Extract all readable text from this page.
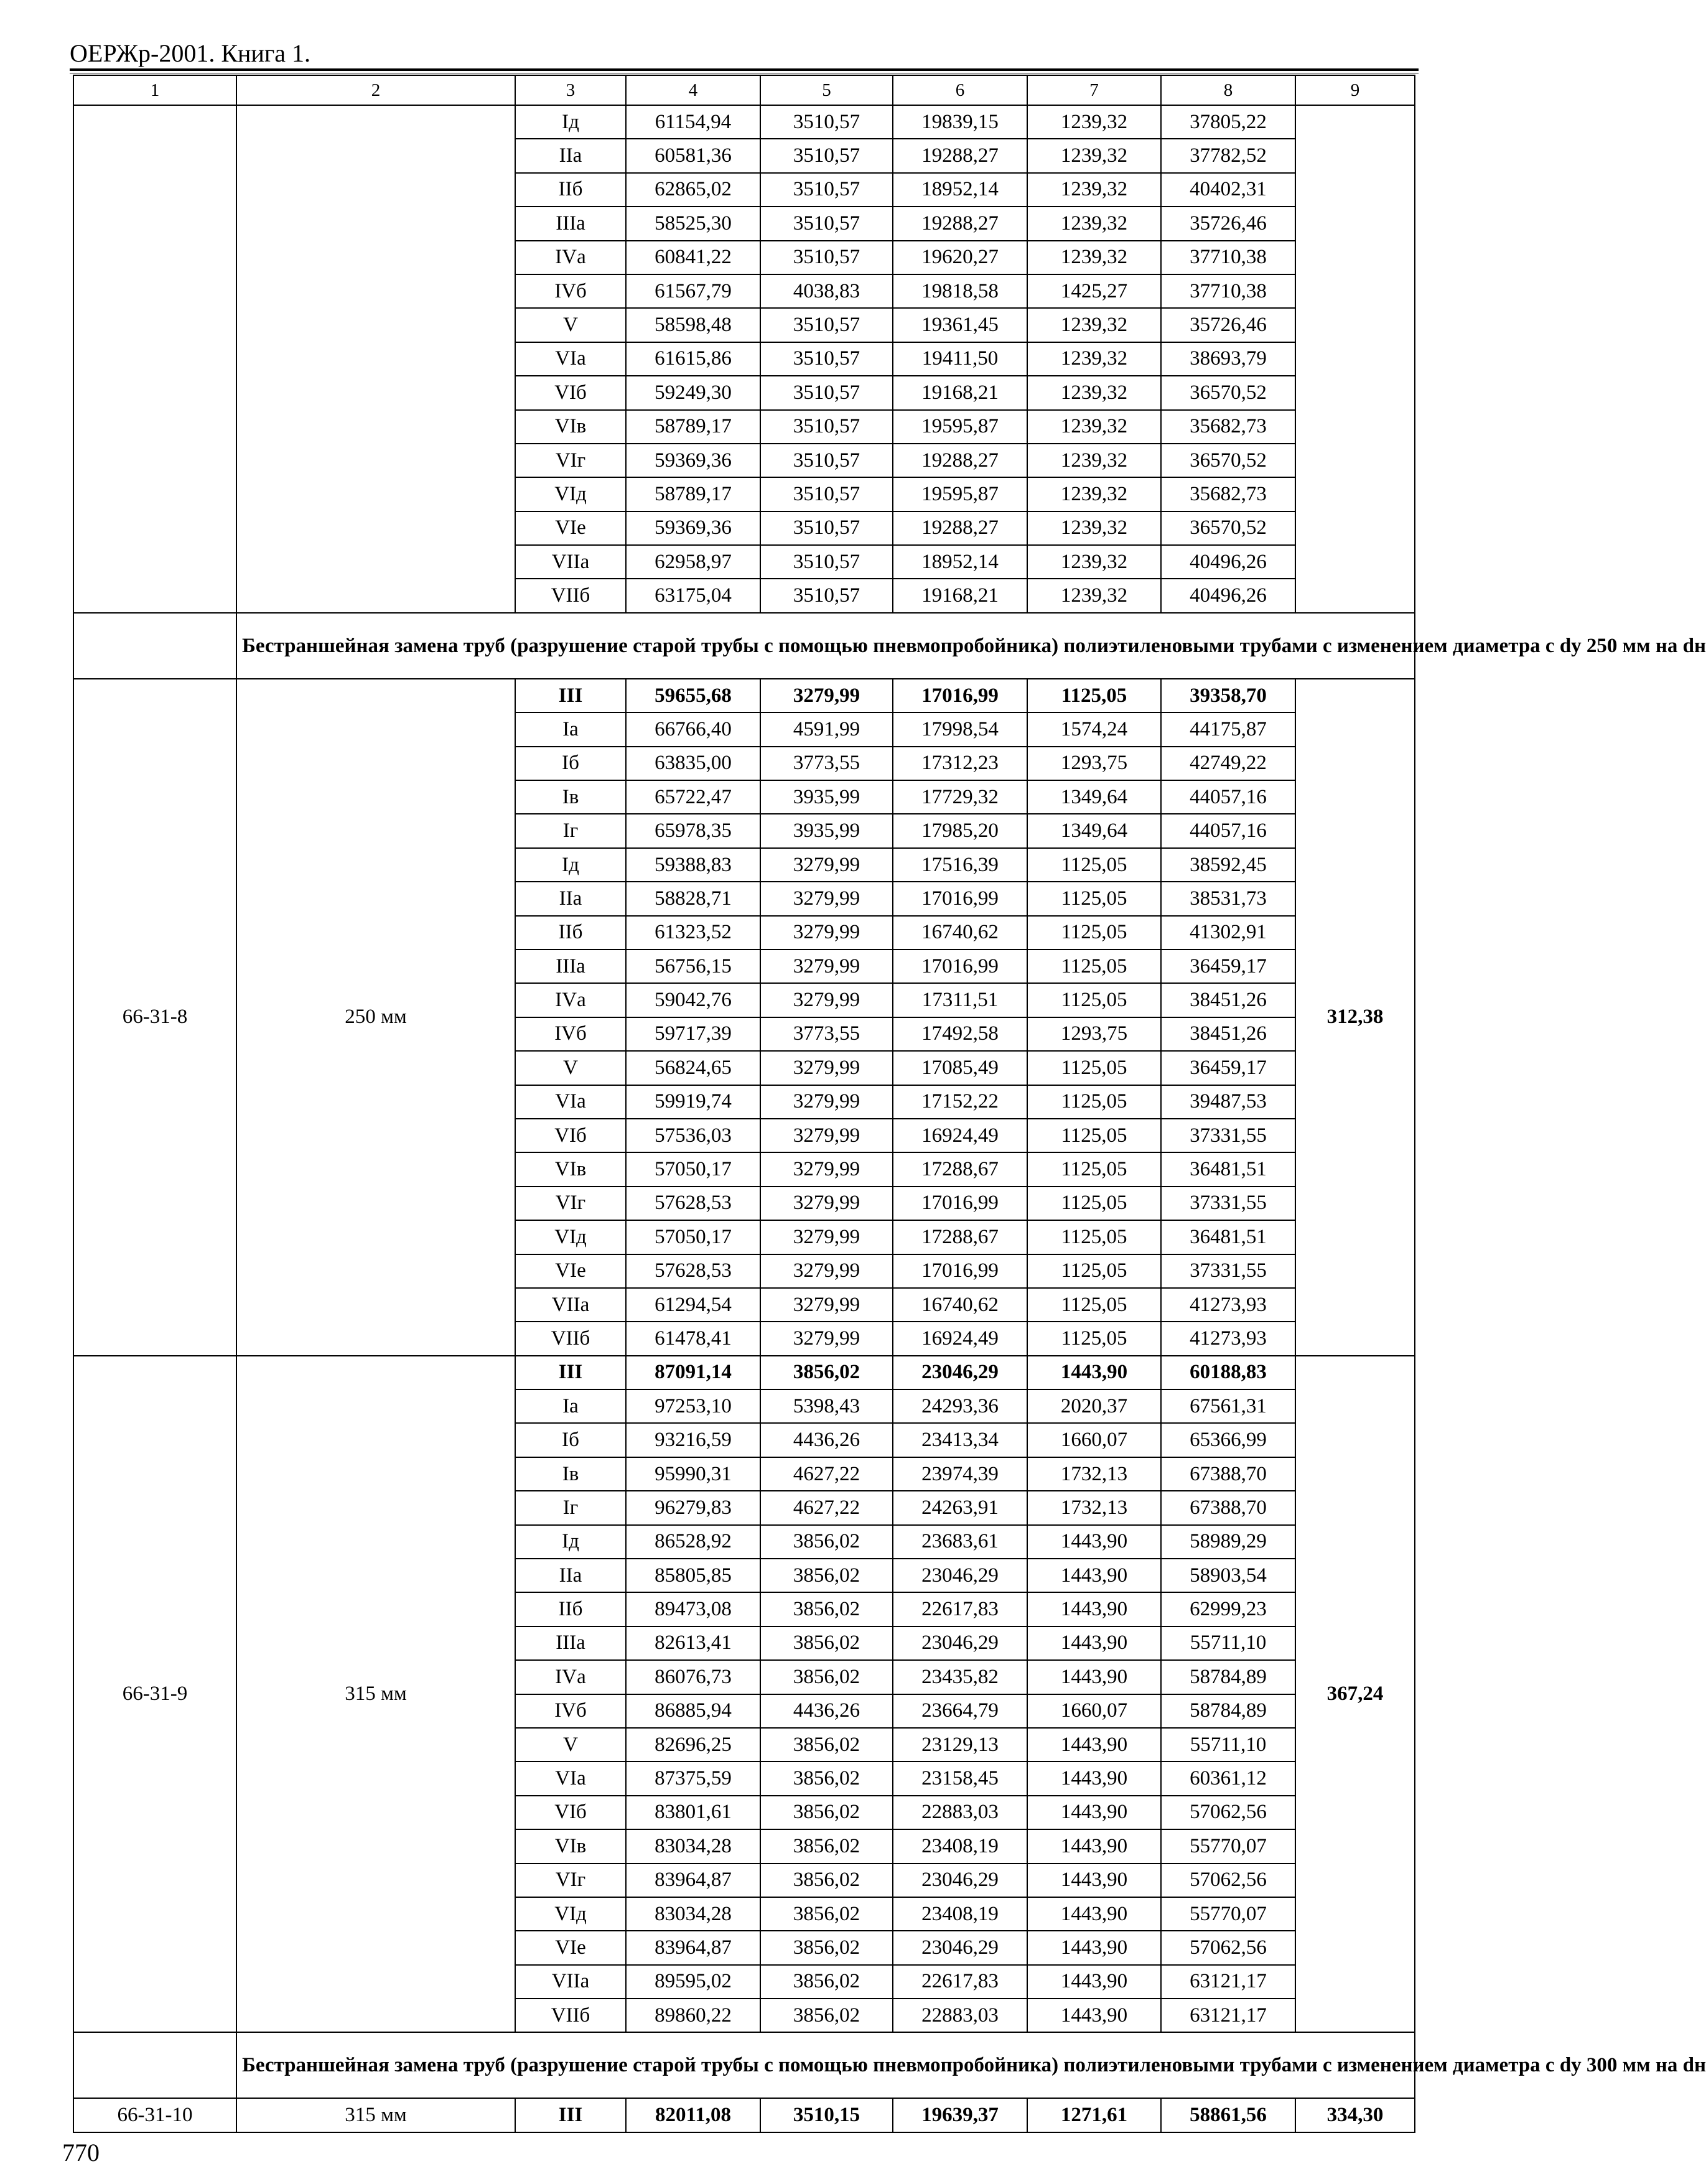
ОЕРЖр-2001. Книга 1.
1	2	3	4	5	6	7	8	9
		Iд	61154,94	3510,57	19839,15	1239,32	37805,22	
		IIа	60581,36	3510,57	19288,27	1239,32	37782,52	
		IIб	62865,02	3510,57	18952,14	1239,32	40402,31	
		IIIа	58525,30	3510,57	19288,27	1239,32	35726,46	
		IVа	60841,22	3510,57	19620,27	1239,32	37710,38	
		IVб	61567,79	4038,83	19818,58	1425,27	37710,38	
		V	58598,48	3510,57	19361,45	1239,32	35726,46	
		VIа	61615,86	3510,57	19411,50	1239,32	38693,79	
		VIб	59249,30	3510,57	19168,21	1239,32	36570,52	
		VIв	58789,17	3510,57	19595,87	1239,32	35682,73	
		VIг	59369,36	3510,57	19288,27	1239,32	36570,52	
		VIд	58789,17	3510,57	19595,87	1239,32	35682,73	
		VIе	59369,36	3510,57	19288,27	1239,32	36570,52	
		VIIа	62958,97	3510,57	18952,14	1239,32	40496,26	
		VIIб	63175,04	3510,57	19168,21	1239,32	40496,26	
	Бестраншейная замена труб (разрушение старой трубы с помощью пневмопробойника) полиэтиленовыми трубами с изменением диаметра с dy 250 мм на dн							
66-31-8	250 мм	III	59655,68	3279,99	17016,99	1125,05	39358,70	312,38
		Iа	66766,40	4591,99	17998,54	1574,24	44175,87	
		Iб	63835,00	3773,55	17312,23	1293,75	42749,22	
		Iв	65722,47	3935,99	17729,32	1349,64	44057,16	
		Iг	65978,35	3935,99	17985,20	1349,64	44057,16	
		Iд	59388,83	3279,99	17516,39	1125,05	38592,45	
		IIа	58828,71	3279,99	17016,99	1125,05	38531,73	
		IIб	61323,52	3279,99	16740,62	1125,05	41302,91	
		IIIа	56756,15	3279,99	17016,99	1125,05	36459,17	
		IVа	59042,76	3279,99	17311,51	1125,05	38451,26	
		IVб	59717,39	3773,55	17492,58	1293,75	38451,26	
		V	56824,65	3279,99	17085,49	1125,05	36459,17	
		VIа	59919,74	3279,99	17152,22	1125,05	39487,53	
		VIб	57536,03	3279,99	16924,49	1125,05	37331,55	
		VIв	57050,17	3279,99	17288,67	1125,05	36481,51	
		VIг	57628,53	3279,99	17016,99	1125,05	37331,55	
		VIд	57050,17	3279,99	17288,67	1125,05	36481,51	
		VIе	57628,53	3279,99	17016,99	1125,05	37331,55	
		VIIа	61294,54	3279,99	16740,62	1125,05	41273,93	
		VIIб	61478,41	3279,99	16924,49	1125,05	41273,93	
66-31-9	315 мм	III	87091,14	3856,02	23046,29	1443,90	60188,83	367,24
		Iа	97253,10	5398,43	24293,36	2020,37	67561,31	
		Iб	93216,59	4436,26	23413,34	1660,07	65366,99	
		Iв	95990,31	4627,22	23974,39	1732,13	67388,70	
		Iг	96279,83	4627,22	24263,91	1732,13	67388,70	
		Iд	86528,92	3856,02	23683,61	1443,90	58989,29	
		IIа	85805,85	3856,02	23046,29	1443,90	58903,54	
		IIб	89473,08	3856,02	22617,83	1443,90	62999,23	
		IIIа	82613,41	3856,02	23046,29	1443,90	55711,10	
		IVа	86076,73	3856,02	23435,82	1443,90	58784,89	
		IVб	86885,94	4436,26	23664,79	1660,07	58784,89	
		V	82696,25	3856,02	23129,13	1443,90	55711,10	
		VIа	87375,59	3856,02	23158,45	1443,90	60361,12	
		VIб	83801,61	3856,02	22883,03	1443,90	57062,56	
		VIв	83034,28	3856,02	23408,19	1443,90	55770,07	
		VIг	83964,87	3856,02	23046,29	1443,90	57062,56	
		VIд	83034,28	3856,02	23408,19	1443,90	55770,07	
		VIе	83964,87	3856,02	23046,29	1443,90	57062,56	
		VIIа	89595,02	3856,02	22617,83	1443,90	63121,17	
		VIIб	89860,22	3856,02	22883,03	1443,90	63121,17	
	Бестраншейная замена труб (разрушение старой трубы с помощью пневмопробойника) полиэтиленовыми трубами с изменением диаметра с dy 300 мм на dн							
66-31-10	315 мм	III	82011,08	3510,15	19639,37	1271,61	58861,56	334,30
770
